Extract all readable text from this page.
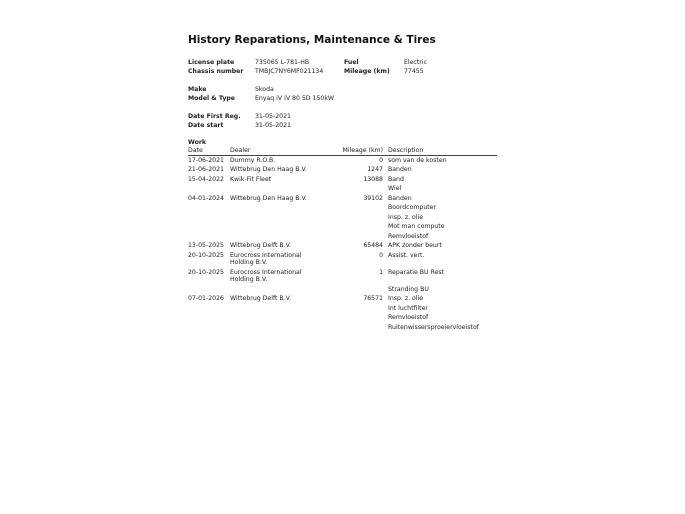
History Reparations, Maintenance & Tires
License plate	735065 L-781-HB	Fuel	Electric
Chassis number TMBJC7NY6MF021134	Mileage (km) 77455
Make	Skoda
Model & Type	Enyaq iV iV 80 5D 150kW
Date First Reg. 31-05-2021
Date start	31-05-2021
Work
Date	Dealer	Mileage (km)	Description
17-06-2021	Dummy R.O.B.	0	som van de kosten
21-06-2021	Wittebrug Den Haag B.V.	1247	Banden
15-04-2022	Kwik-Fit Fleet	13088	Band
			Wiel
04-01-2024	Wittebrug Den Haag B.V.	39102	Banden
			Boordcomputer
			Insp. z. olie
			Mot man compute
			Remvloeistof
13-05-2025	Wittebrug Delft B.V.	65484	APK zonder beurt
20-10-2025	Eurocross International Holding B.V.	0	Assist. vert.
20-10-2025	Eurocross International Holding B.V.	1	Reparatie BU Rest
			Stranding BU
07-01-2026	Wittebrug Delft B.V.	76571	Insp. z. olie
			Int luchtfilter
			Remvloeistof
			Ruitenwissersproeiervloeistof
